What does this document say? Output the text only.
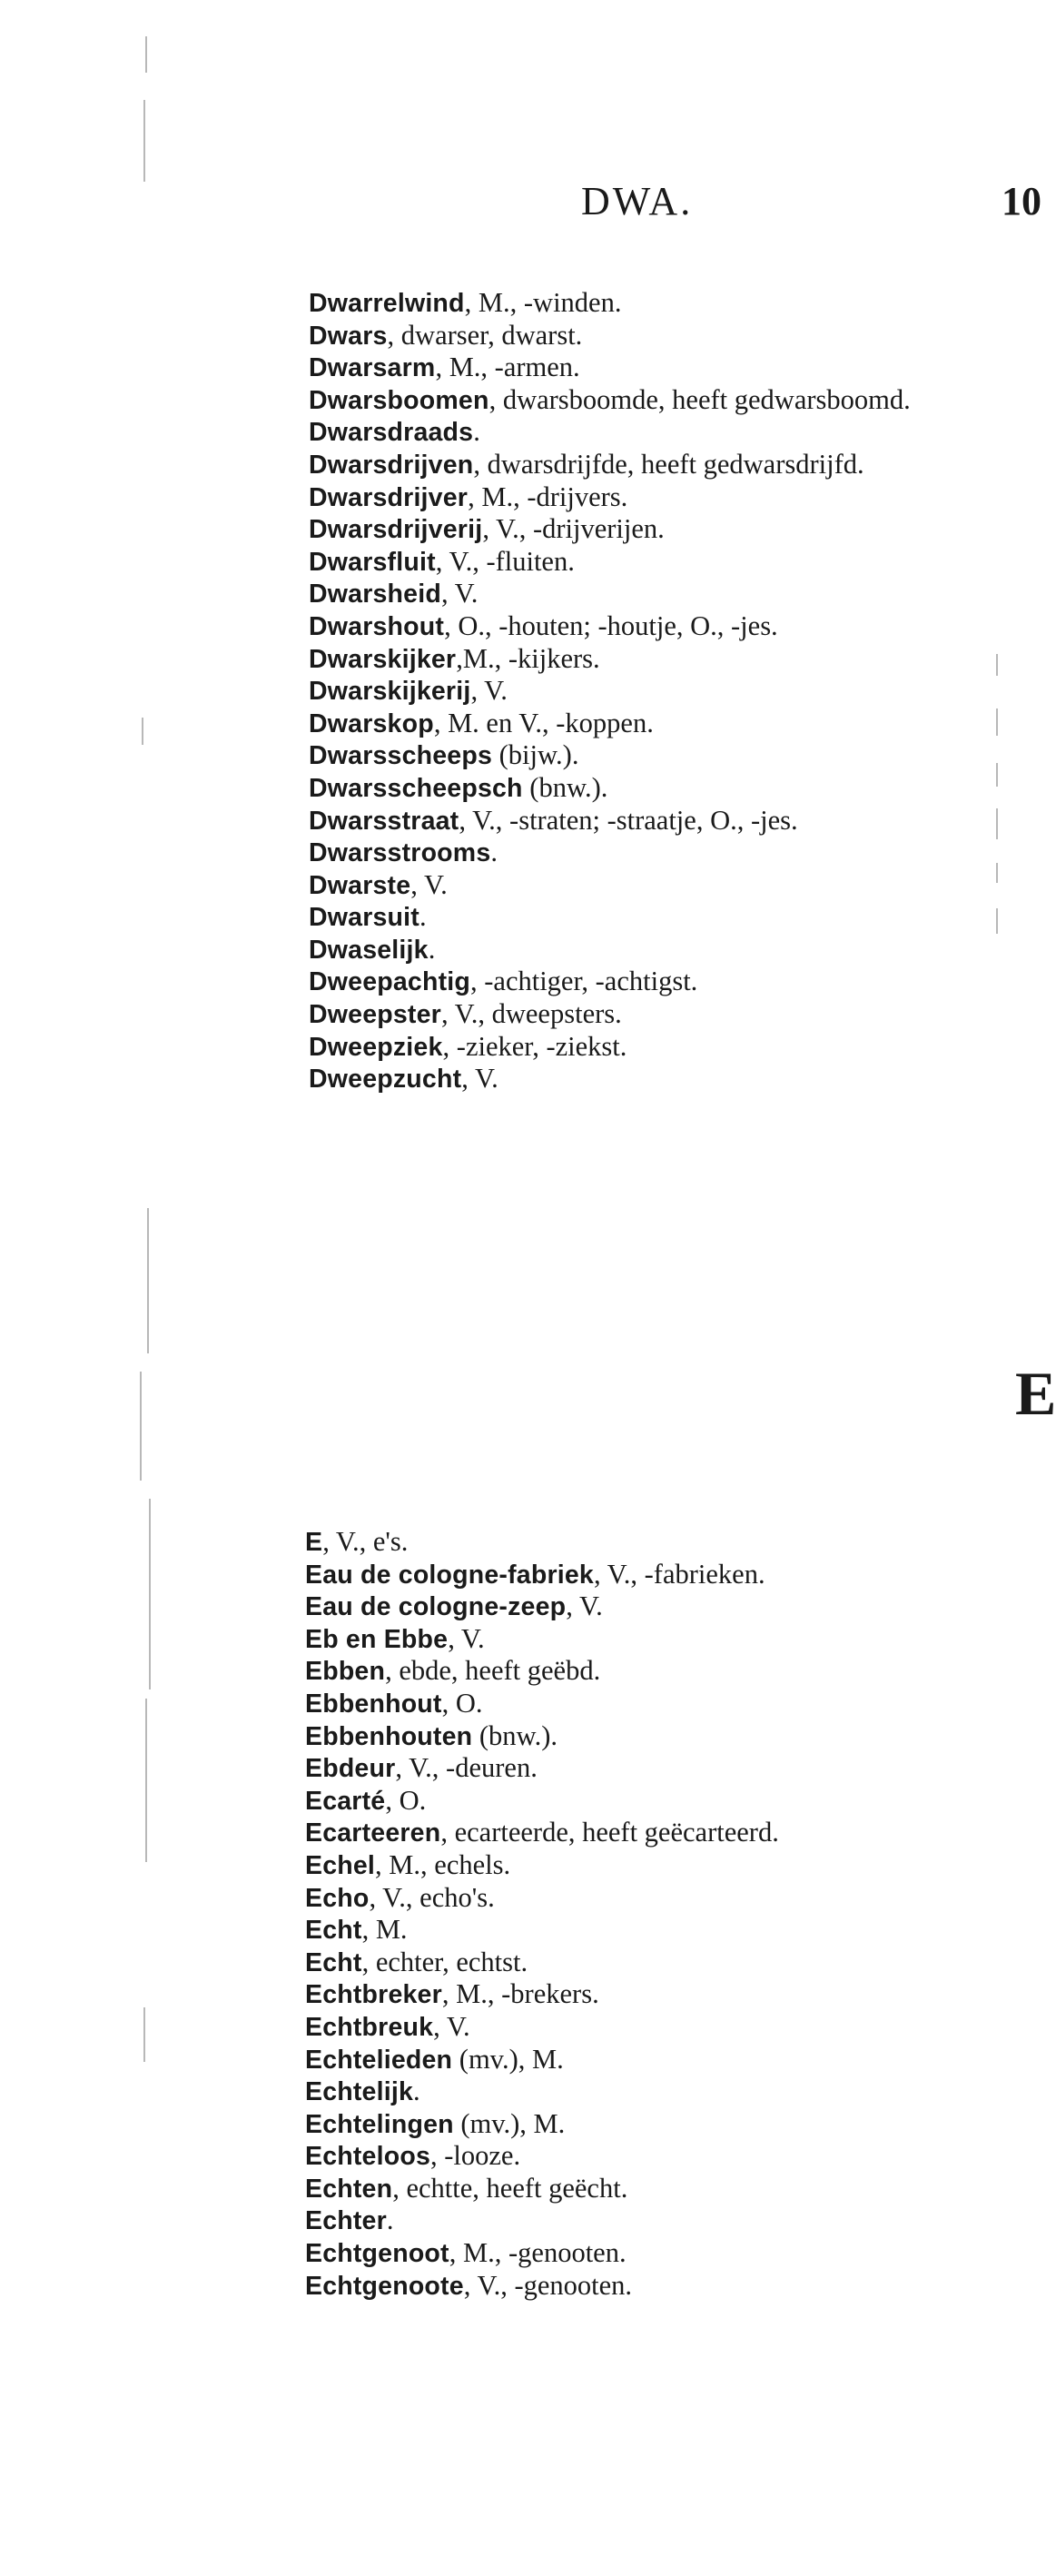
DWA.	10
Dwarrelwind, M., -winden.
Dwars, dwarser, dwarst.
Dwarsarm, M., -armen.
Dwarsboomen, dwarsboomde, heeft gedwarsboomd.
Dwarsdraads.
Dwarsdrijven, dwarsdrijfde, heeft gedwarsdrijfd.
Dwarsdrijver, M., -drijvers.
Dwarsdrijverij, V., -drijverijen.
Dwarsfluit, V., -fluiten.
Dwarsheid, V.
Dwarshout, O., -houten; -houtje, O., -jes.
Dwarskijker,M., -kijkers.
Dwarskijkerij, V.
Dwarskop, M. en V., -koppen.
Dwarsscheeps (bijw.).
Dwarsscheepsch (bnw.).
Dwarsstraat, V., -straten; -straatje, O., -jes.
Dwarsstrooms.
Dwarste, V.
Dwarsuit.
Dwaselijk.
Dweepachtig, -achtiger, -achtigst.
Dweepster, V., dweepsters.
Dweepziek, -zieker, -ziekst.
Dweepzucht, V.
E
E, V., e's.
Eau de cologne-fabriek, V., -fabrieken.
Eau de cologne-zeep, V.
Eb en Ebbe, V.
Ebben, ebde, heeft geëbd.
Ebbenhout, O.
Ebbenhouten (bnw.).
Ebdeur, V., -deuren.
Ecarté, O.
Ecarteeren, ecarteerde, heeft geëcarteerd.
Echel, M., echels.
Echo, V., echo's.
Echt, M.
Echt, echter, echtst.
Echtbreker, M., -brekers.
Echtbreuk, V.
Echtelieden (mv.), M.
Echtelijk.
Echtelingen (mv.), M.
Echteloos, -looze.
Echten, echtte, heeft geëcht.
Echter.
Echtgenoot, M., -genooten.
Echtgenoote, V., -genooten.
